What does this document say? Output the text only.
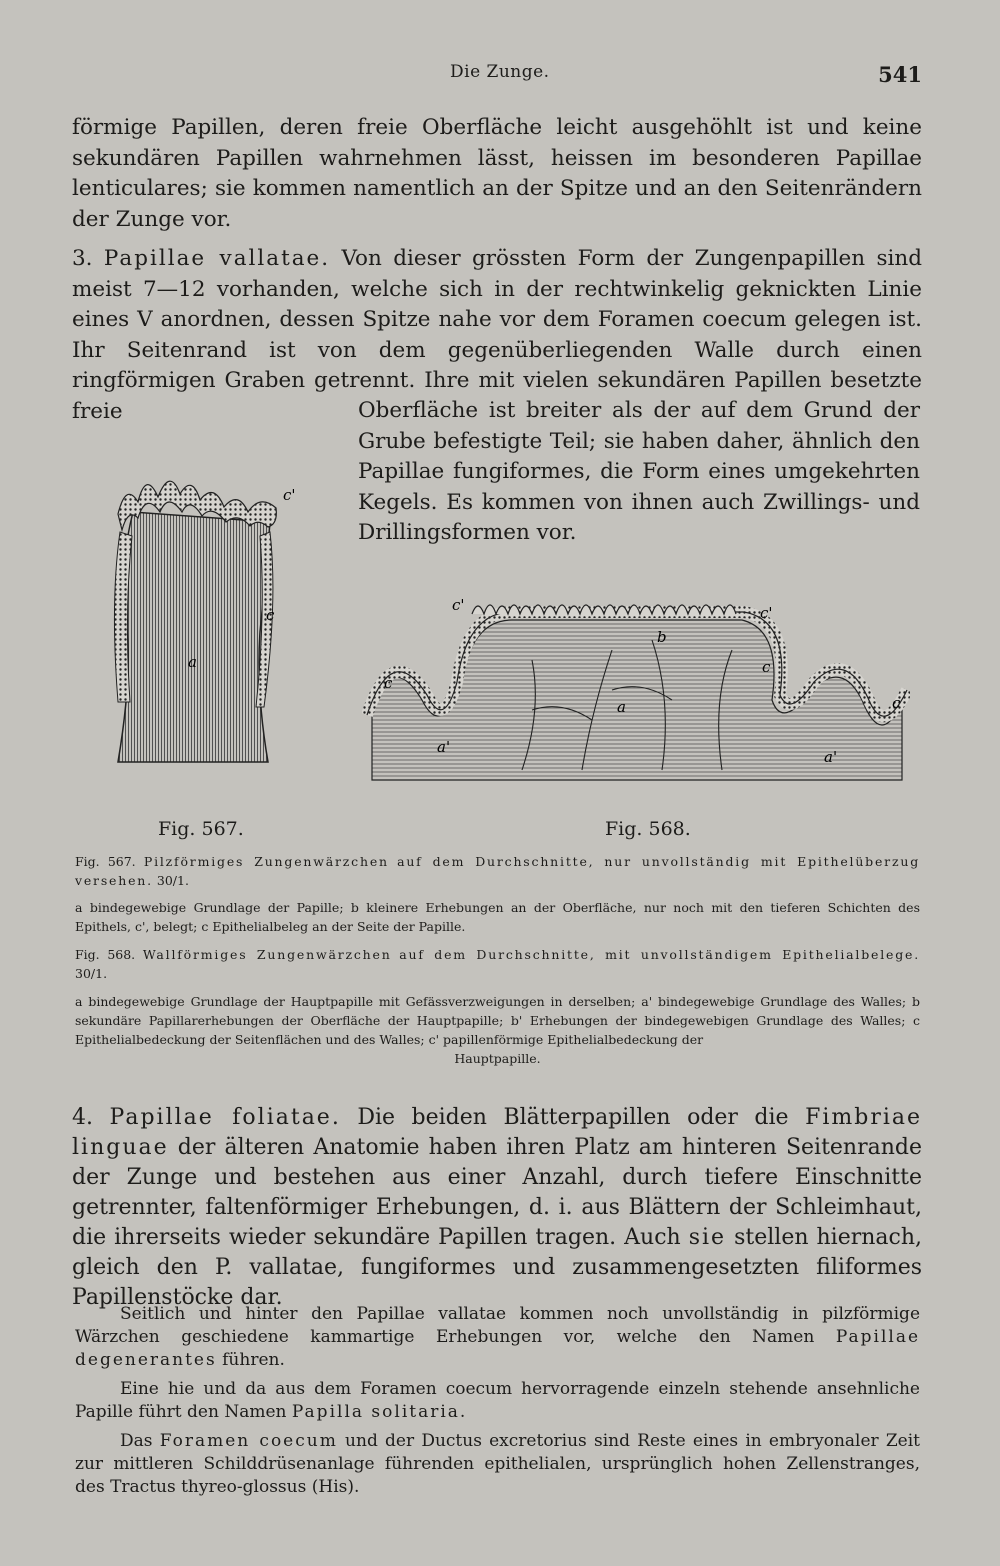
Die Zunge.	541
förmige Papillen, deren freie Oberfläche leicht ausgehöhlt ist und keine sekundären Papillen wahrnehmen lässt, heissen im besonderen Papillae lenticulares; sie kommen namentlich an der Spitze und an den Seitenrändern der Zunge vor.
3. Papillae vallatae. Von dieser grössten Form der Zungenpapillen sind meist 7—12 vorhanden, welche sich in der rechtwinkelig geknickten Linie eines V anordnen, dessen Spitze nahe vor dem Foramen coecum gelegen ist. Ihr Seitenrand ist von dem gegenüberliegenden Walle durch einen ringförmigen Graben getrennt. Ihre mit vielen sekundären Papillen besetzte freie	Oberfläche ist breiter als der auf dem Grund der Grube befestigte Teil; sie haben daher, ähnlich den Papillae fungiformes, die Form eines umgekehrten Kegels. Es kommen von ihnen auch Zwillings- und Drillingsformen vor.
c'
c
a
c'	c'
c
c
c
a
a'
a'
b
Fig. 567.	Fig. 568.
Fig. 567. Pilzförmiges Zungenwärzchen auf dem Durchschnitte, nur unvollständig mit Epithelüberzug versehen. 30/1.
a bindegewebige Grundlage der Papille; b kleinere Erhebungen an der Oberfläche, nur noch mit den tieferen Schichten des Epithels, c', belegt; c Epithelialbeleg an der Seite der Papille.
Fig. 568. Wallförmiges Zungenwärzchen auf dem Durchschnitte, mit unvollständigem Epithelialbelege. 30/1.
a bindegewebige Grundlage der Hauptpapille mit Gefässverzweigungen in derselben; a' bindegewebige Grundlage des Walles; b sekundäre Papillarerhebungen der Oberfläche der Hauptpapille; b' Erhebungen der bindegewebigen Grundlage des Walles; c Epithelialbedeckung der Seitenflächen und des Walles; c' papillenförmige Epithelialbedeckung der
Hauptpapille.
4. Papillae foliatae. Die beiden Blätterpapillen oder die Fimbriae linguae der älteren Anatomie haben ihren Platz am hinteren Seitenrande der Zunge und bestehen aus einer Anzahl, durch tiefere Einschnitte getrennter, faltenförmiger Erhebungen, d. i. aus Blättern der Schleimhaut, die ihrerseits wieder sekundäre Papillen tragen. Auch sie stellen hiernach, gleich den P. vallatae, fungiformes und zusammengesetzten filiformes Papillenstöcke dar.
Seitlich und hinter den Papillae vallatae kommen noch unvollständig in pilzförmige Wärzchen geschiedene kammartige Erhebungen vor, welche den Namen Papillae degenerantes führen.
Eine hie und da aus dem Foramen coecum hervorragende einzeln stehende ansehnliche Papille führt den Namen Papilla solitaria.
Das Foramen coecum und der Ductus excretorius sind Reste eines in embryonaler Zeit zur mittleren Schilddrüsenanlage führenden epithelialen, ursprünglich hohen Zellenstranges, des Tractus thyreo-glossus (His).
